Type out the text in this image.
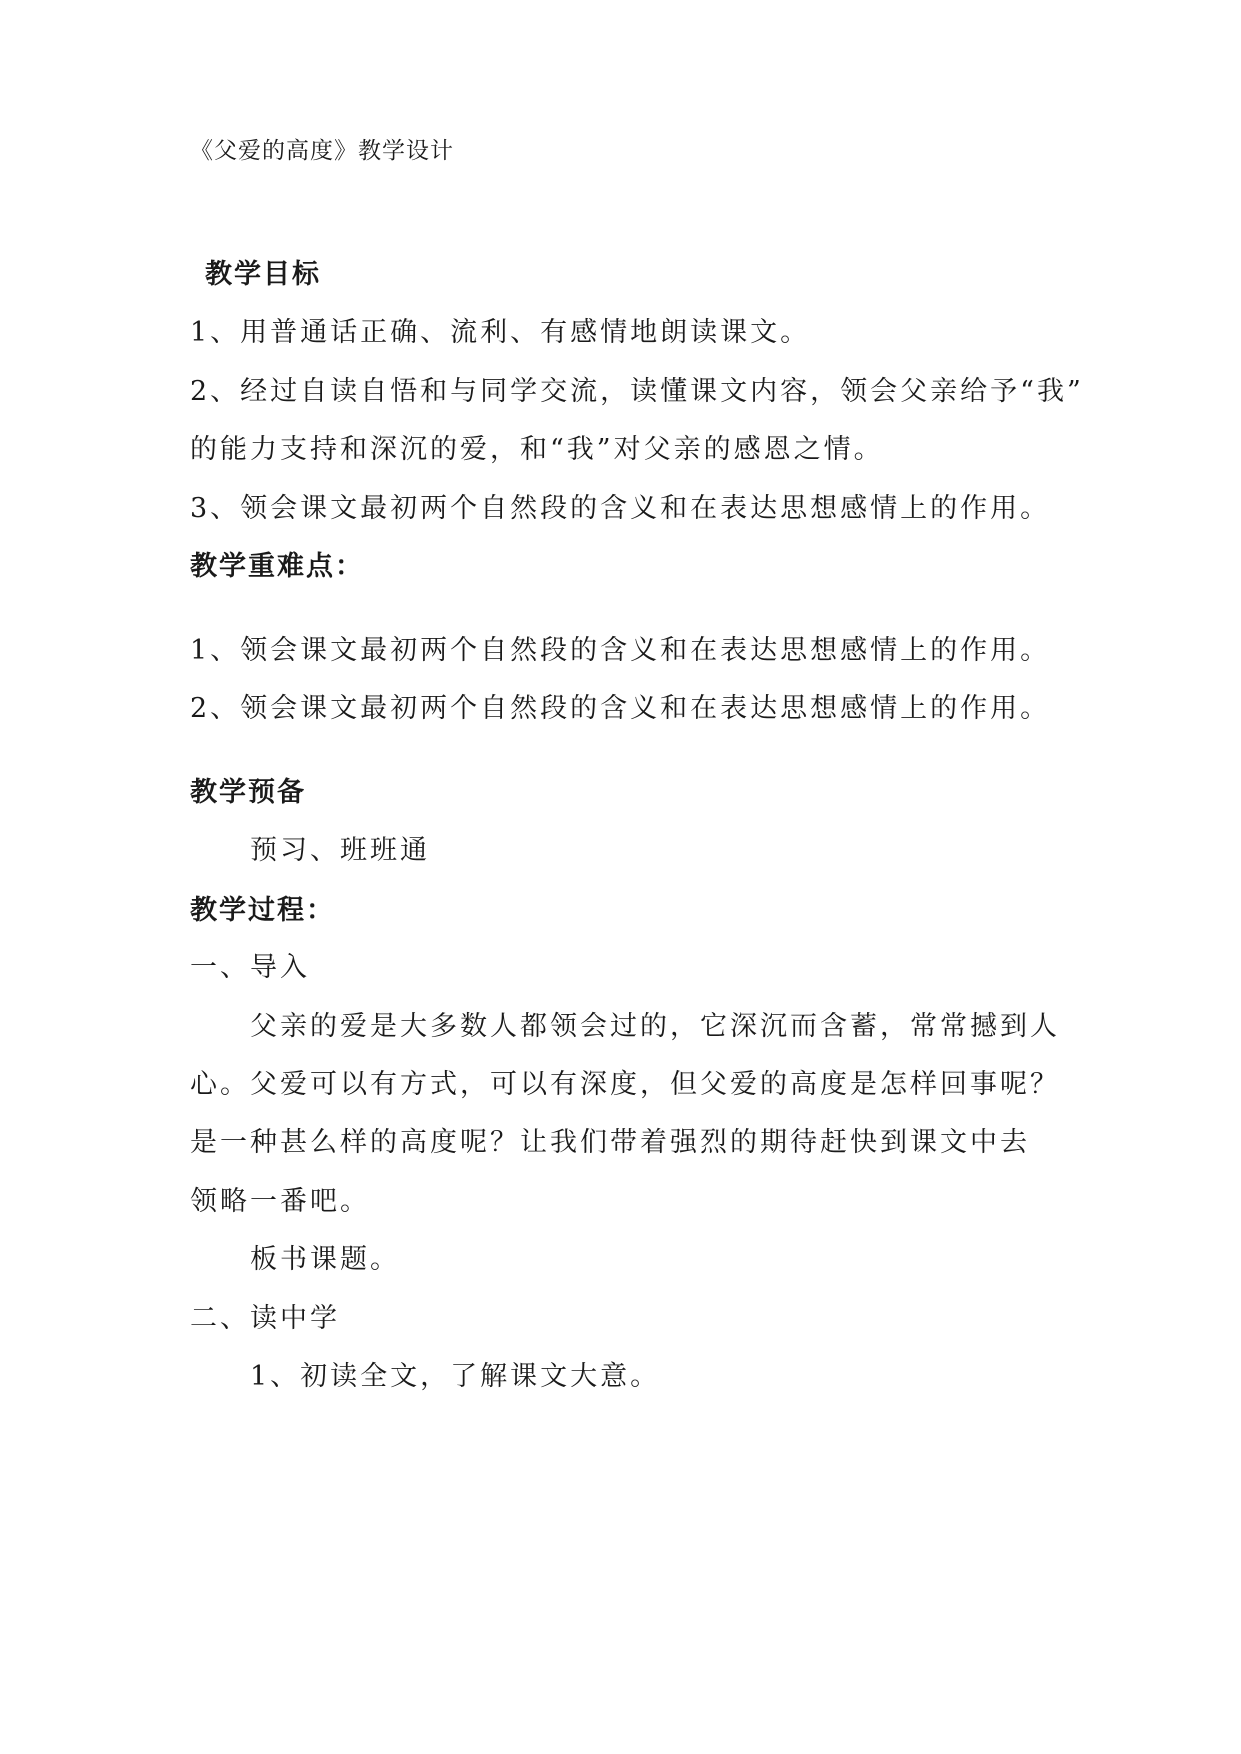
《父爱的高度》教学设计
教学目标
1、用普通话正确、流利、有感情地朗读课文。
2、经过自读自悟和与同学交流，读懂课文内容，领会父亲给予“我”
的能力支持和深沉的爱，和“我”对父亲的感恩之情。
3、领会课文最初两个自然段的含义和在表达思想感情上的作用。
教学重难点：
1、领会课文最初两个自然段的含义和在表达思想感情上的作用。
2、领会课文最初两个自然段的含义和在表达思想感情上的作用。
教学预备
预习、班班通
教学过程：
一、导入
父亲的爱是大多数人都领会过的，它深沉而含蓄，常常撼到人
心。父爱可以有方式，可以有深度，但父爱的高度是怎样回事呢？
是一种甚么样的高度呢？让我们带着强烈的期待赶快到课文中去
领略一番吧。
板书课题。
二、读中学
1、初读全文，了解课文大意。
